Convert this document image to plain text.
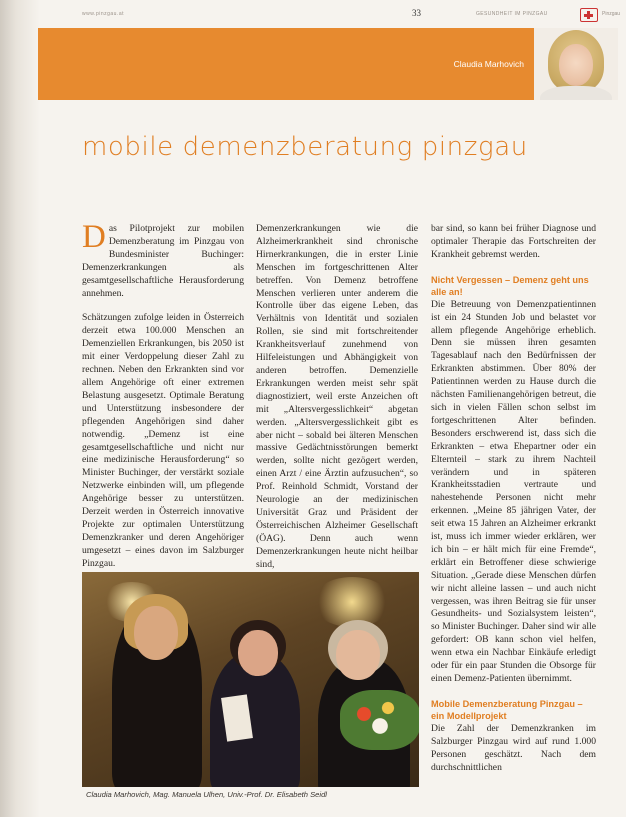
www.pinzgau.at	33	GESUNDHEIT IM PINZGAU	Pinzgau
Claudia Marhovich
mobile demenzberatung pinzgau

Das Pilotprojekt zur mobilen Demenzberatung im Pinzgau von Bundesminister Buchinger: Demenzerkrankungen als gesamtgesellschaftliche Herausforderung annehmen.

Schätzungen zufolge leiden in Österreich derzeit etwa 100.000 Menschen an Demenziellen Erkrankungen, bis 2050 ist mit einer Verdoppelung dieser Zahl zu rechnen. Neben den Erkrankten sind vor allem Angehörige oft einer extremen Belastung ausgesetzt. Optimale Beratung und Unterstützung insbesondere der pflegenden Angehörigen sind daher notwendig. „Demenz ist eine gesamtgesellschaftliche und nicht nur eine medizinische Herausforderung“ so Minister Buchinger, der verstärkt soziale Netzwerke einbinden will, um pflegende Angehörige besser zu unterstützen. Derzeit werden in Österreich innovative Projekte zur optimalen Unterstützung Demenzkranker und deren Angehöriger umgesetzt – eines davon im Salzburger Pinzgau.

Demenzerkrankungen wie die Alzheimerkrankheit sind chronische Hirnerkrankungen, die in erster Linie Menschen im fortgeschrittenen Alter betreffen. Von Demenz betroffene Menschen verlieren unter anderem die Kontrolle über das eigene Leben, das Verhältnis von Identität und sozialen Rollen, sie sind mit fortschreitender Krankheitsverlauf zunehmend von Hilfeleistungen und Abhängigkeit von anderen betroffen. Demenzielle Erkrankungen werden meist sehr spät diagnostiziert, weil erste Anzeichen oft mit „Altersvergesslichkeit“ abgetan werden. „Altersvergesslichkeit gibt es aber nicht – sobald bei älteren Menschen massive Gedächtnisstörungen bemerkt werden, sollte nicht gezögert werden, einen Arzt / eine Ärztin aufzusuchen“, so Prof. Reinhold Schmidt, Vorstand der Neurologie an der medizinischen Universität Graz und Präsident der Österreichischen Alzheimer Gesellschaft (ÖAG). Denn auch wenn Demenzerkrankungen heute nicht heilbar sind,

bar sind, so kann bei früher Diagnose und optimaler Therapie das Fortschreiten der Krankheit gebremst werden.

Nicht Vergessen – Demenz geht uns alle an!

Die Betreuung von Demenzpatientinnen ist ein 24 Stunden Job und belastet vor allem pflegende Angehörige erheblich. Denn sie müssen ihren gesamten Tagesablauf nach den Bedürfnissen der Erkrankten abstimmen. Über 80% der Patientinnen werden zu Hause durch die nächsten Familienangehörigen betreut, die sich in vielen Fällen schon selbst im fortgeschrittenen Alter befinden. Besonders erschwerend ist, dass sich die Erkrankten – etwa Ehepartner oder ein Elternteil – stark zu ihrem Nachteil verändern und in späteren Krankheitsstadien vertraute und nahestehende Personen nicht mehr erkennen. „Meine 85 jährigen Vater, der seit etwa 15 Jahren an Alzheimer erkrankt ist, muss ich immer wieder erklären, wer ich bin – er hält mich für eine Fremde“, erklärt ein Betroffener diese schwierige Situation. „Gerade diese Menschen dürfen wir nicht alleine lassen – und auch nicht vergessen, was ihren Beitrag sie für unser Gesundheits- und Sozialsystem leisten“, so Minister Buchinger. Daher sind wir alle gefordert: OB kann schon viel helfen, wenn etwa ein Nachbar Einkäufe erledigt oder für ein paar Stunden die Obsorge für einen Demenz-Patienten übernimmt.

Mobile Demenzberatung Pinzgau – ein Modellprojekt

Die Zahl der Demenzkranken im Salzburger Pinzgau wird auf rund 1.000 Personen geschätzt. Nach dem durchschnittlichen

Claudia Marhovich, Mag. Manuela Ulhen, Univ.-Prof. Dr. Elisabeth Seidl
